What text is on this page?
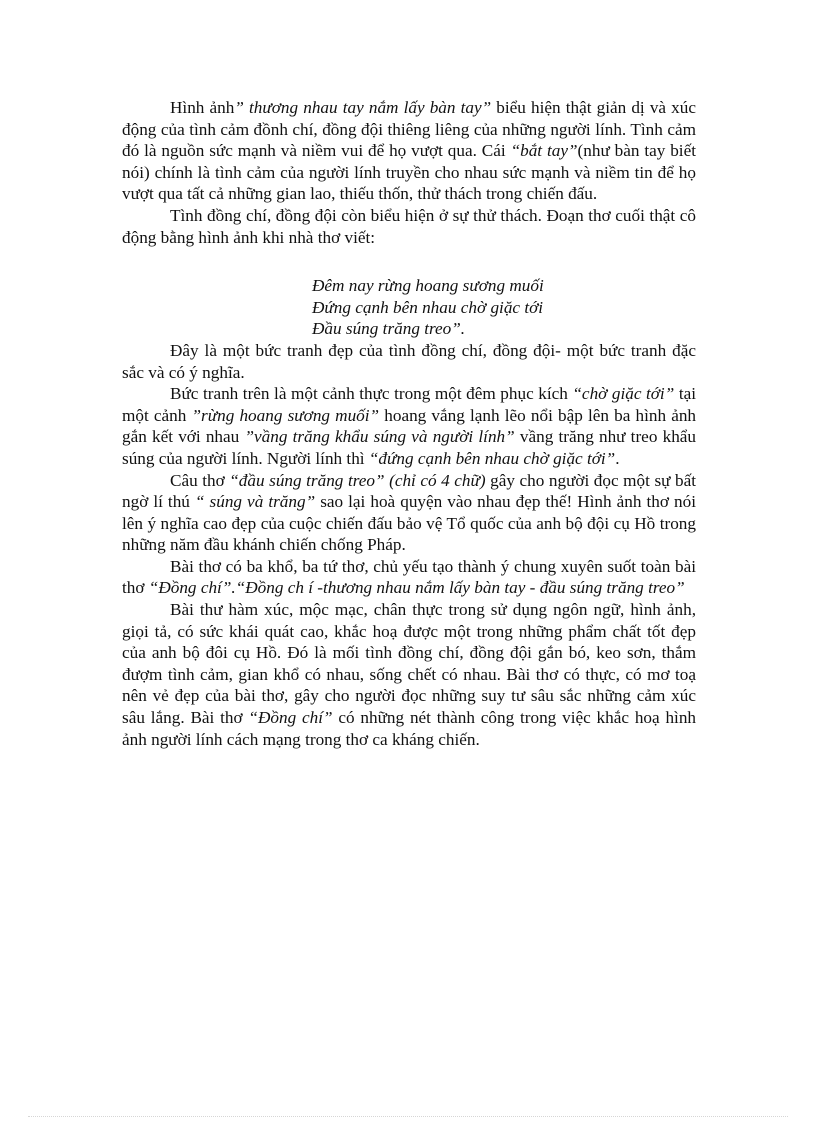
Hình ảnh” thương nhau tay nắm lấy bàn tay” biểu hiện thật giản dị và xúc động của tình cảm đồnh chí, đồng đội thiêng liêng của những người lính. Tình cảm đó là nguồn sức mạnh và niềm vui để họ vượt qua. Cái “bắt tay”(như bàn tay biết nói) chính là tình cảm của người lính truyền cho nhau sức mạnh và niềm tin để họ vượt qua tất cả những gian lao, thiếu thốn, thử thách trong chiến đấu.

Tình đồng chí, đồng đội còn biểu hiện ở sự thử thách. Đoạn thơ cuối thật cô động bằng hình ảnh khi nhà thơ viết:

Đêm nay rừng hoang sương muối
Đứng cạnh bên nhau chờ giặc tới
Đầu súng trăng treo”.

Đây là một bức tranh đẹp của tình đồng chí, đồng đội- một bức tranh đặc sắc và có ý nghĩa.

Bức tranh trên là một cảnh thực trong một đêm phục kích “chờ giặc tới” tại một cảnh ”rừng hoang sương muối” hoang vắng lạnh lẽo nổi bập lên ba hình ảnh gắn kết với nhau ”vầng trăng khẩu súng và người lính” vầng trăng như treo khẩu súng của người lính. Người lính thì “đứng cạnh bên nhau chờ giặc tới”.

Câu thơ “đầu súng trăng treo” (chỉ có 4 chữ) gây cho người đọc một sự bất ngờ lí thú “ súng và trăng” sao lại hoà quyện vào nhau đẹp thế! Hình ảnh thơ nói lên ý nghĩa cao đẹp của cuộc chiến đấu bảo vệ Tổ quốc của anh bộ đội cụ Hồ trong những năm đầu khánh chiến chống Pháp.

Bài thơ có ba khổ, ba tứ thơ, chủ yếu tạo thành ý chung xuyên suốt toàn bài thơ “Đồng chí”.“Đồng ch í -thương nhau nắm lấy bàn tay - đầu súng trăng treo”

Bài thư hàm xúc, mộc mạc, chân thực trong sử dụng ngôn ngữ, hình ảnh, giọi tả, có sức khái quát cao, khắc hoạ được một trong những phẩm chất tốt đẹp của anh bộ đôi cụ Hồ. Đó là mối tình đồng chí, đồng đội gắn bó, keo sơn, thắm đượm tình cảm, gian khổ có nhau, sống chết có nhau. Bài thơ có thực, có mơ toạ nên vẻ đẹp của bài thơ, gây cho người đọc những suy tư sâu sắc những cảm xúc sâu lắng. Bài thơ “Đồng chí” có những nét thành công trong việc khắc hoạ hình ảnh người lính cách mạng trong thơ ca kháng chiến.
